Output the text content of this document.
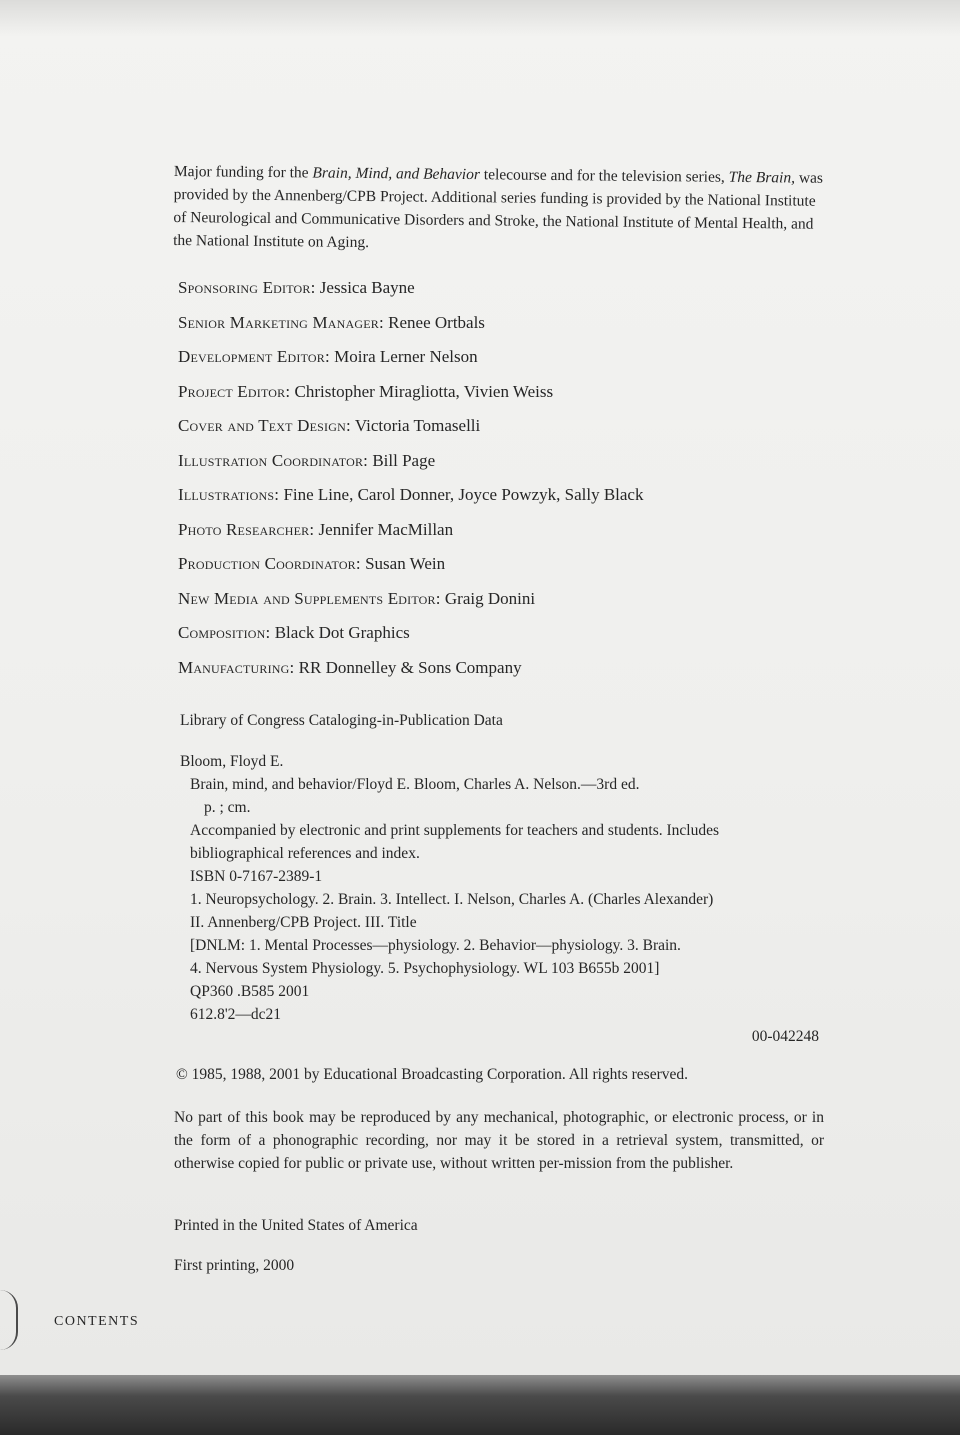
Major funding for the Brain, Mind, and Behavior telecourse and for the television series, The Brain, was provided by the Annenberg/CPB Project. Additional series funding is provided by the National Institute of Neurological and Communicative Disorders and Stroke, the National Institute of Mental Health, and the National Institute on Aging.

Sponsoring Editor: Jessica Bayne
Senior Marketing Manager: Renee Ortbals
Development Editor: Moira Lerner Nelson
Project Editor: Christopher Miragliotta, Vivien Weiss
Cover and Text Design: Victoria Tomaselli
Illustration Coordinator: Bill Page
Illustrations: Fine Line, Carol Donner, Joyce Powzyk, Sally Black
Photo Researcher: Jennifer MacMillan
Production Coordinator: Susan Wein
New Media and Supplements Editor: Graig Donini
Composition: Black Dot Graphics
Manufacturing: RR Donnelley & Sons Company

Library of Congress Cataloging-in-Publication Data

Bloom, Floyd E.
Brain, mind, and behavior/Floyd E. Bloom, Charles A. Nelson.—3rd ed.
p. ; cm.
Accompanied by electronic and print supplements for teachers and students. Includes
bibliographical references and index.
ISBN 0-7167-2389-1
1. Neuropsychology. 2. Brain. 3. Intellect. I. Nelson, Charles A. (Charles Alexander)
II. Annenberg/CPB Project. III. Title
[DNLM: 1. Mental Processes—physiology. 2. Behavior—physiology. 3. Brain.
4. Nervous System Physiology. 5. Psychophysiology. WL 103 B655b 2001]
QP360 .B585 2001
612.8'2—dc21

00-042248

© 1985, 1988, 2001 by Educational Broadcasting Corporation. All rights reserved.

No part of this book may be reproduced by any mechanical, photographic, or electronic process, or in the form of a phonographic recording, nor may it be stored in a retrieval system, transmitted, or otherwise copied for public or private use, without written per-mission from the publisher.

Printed in the United States of America

First printing, 2000

CONTENTS
